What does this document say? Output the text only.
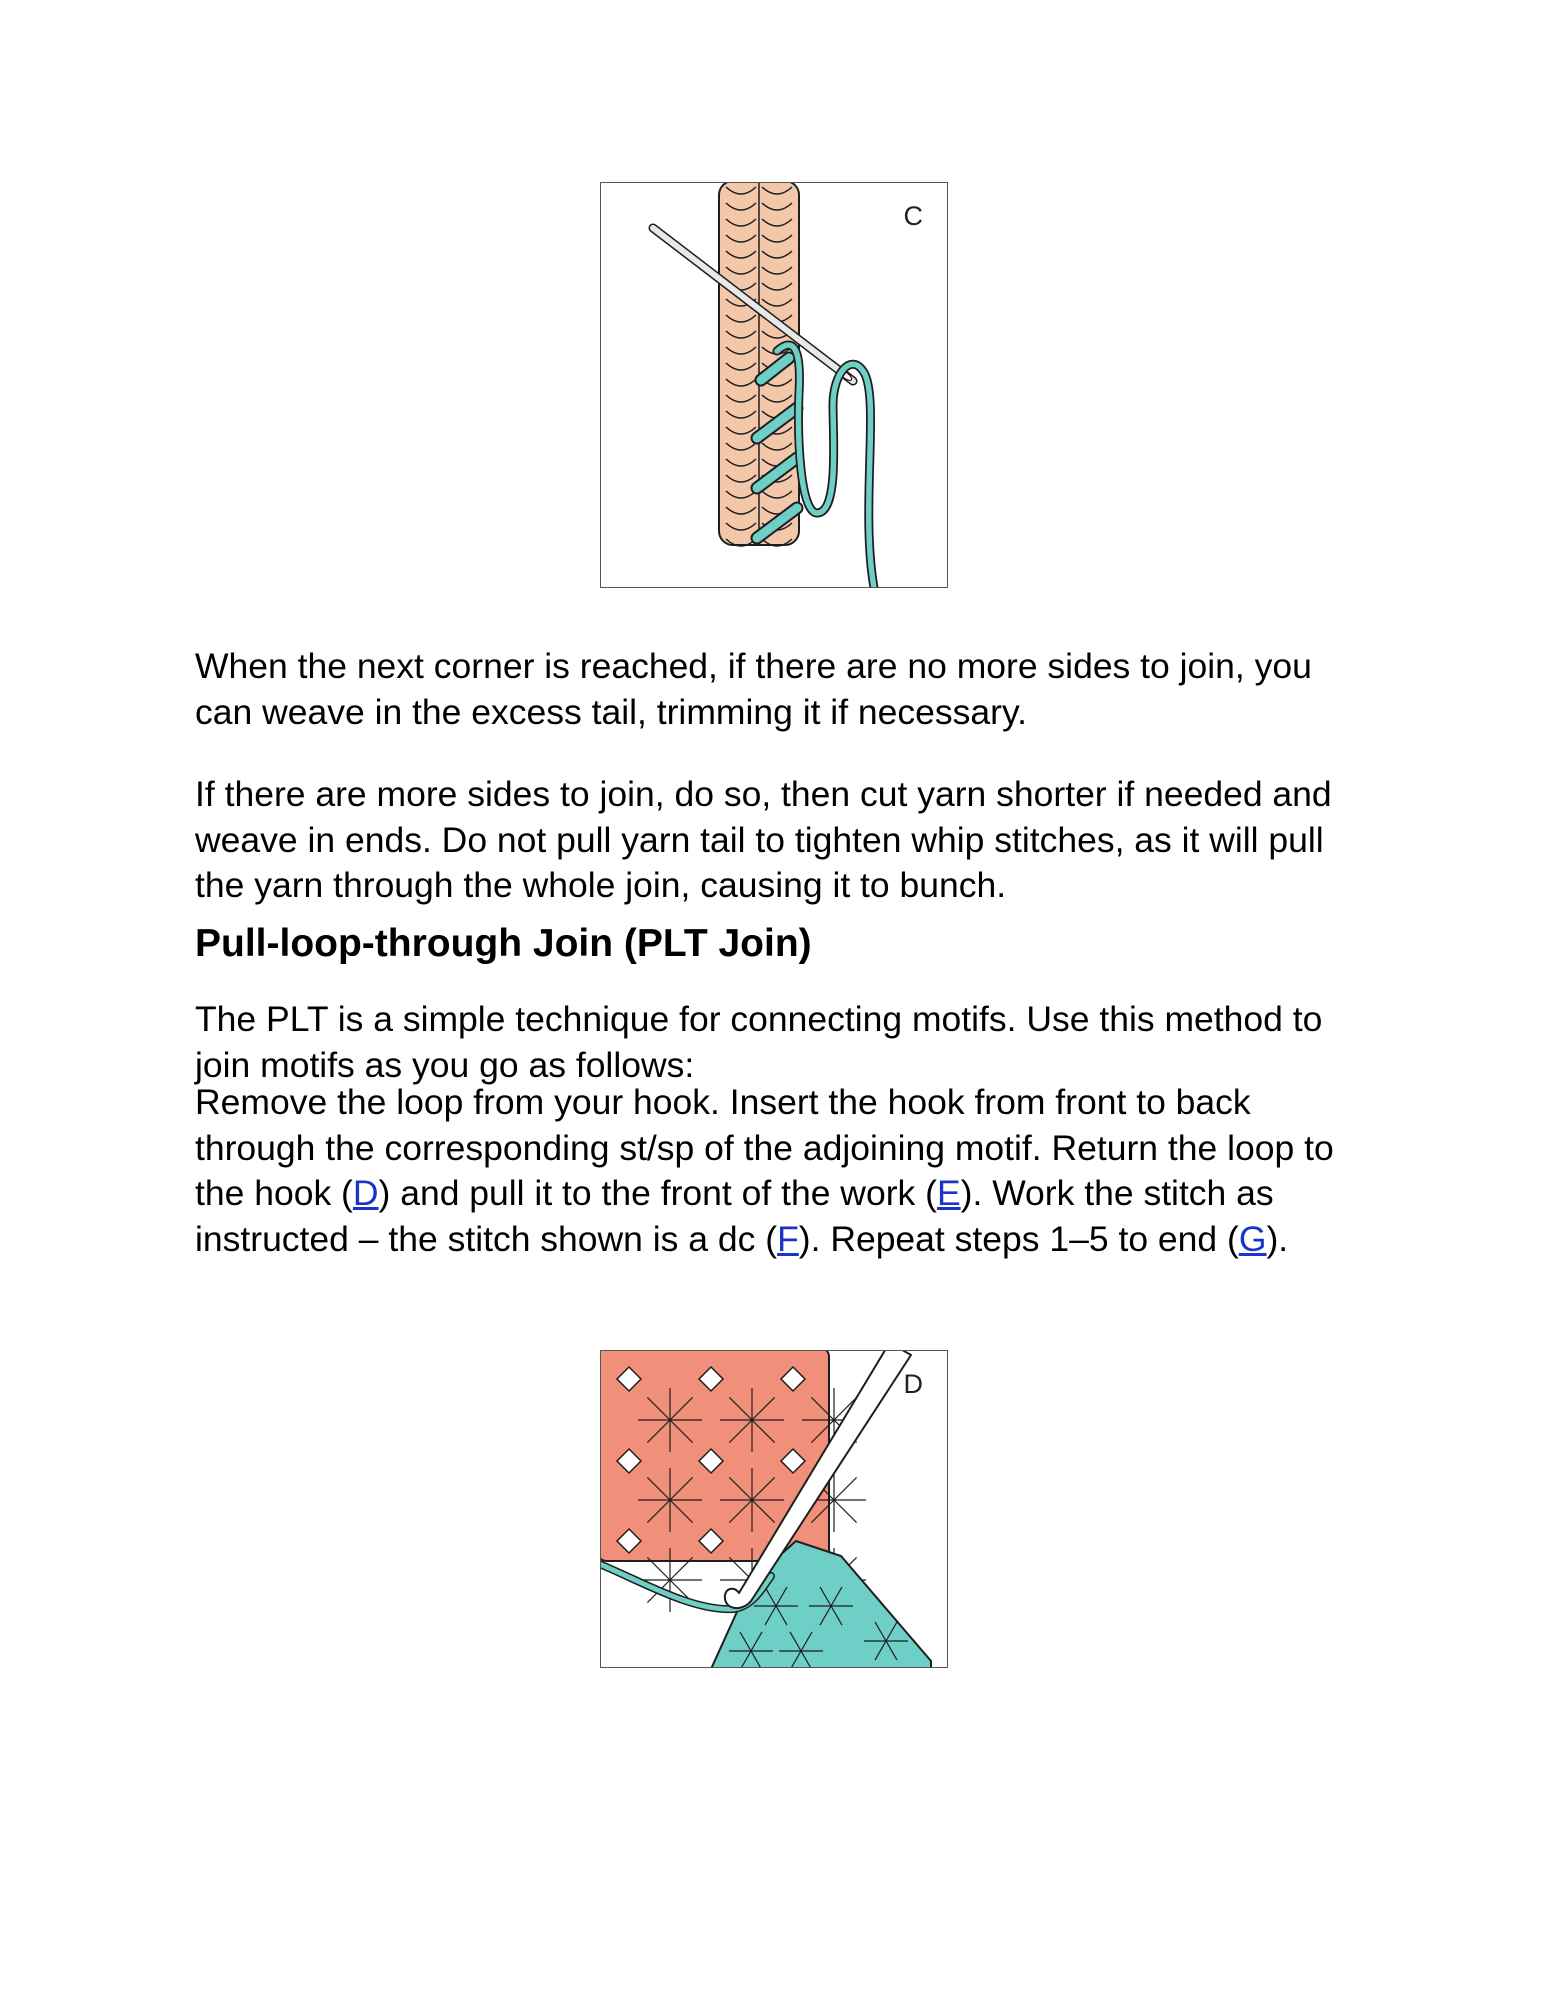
C

When the next corner is reached, if there are no more sides to join, you can weave in the excess tail, trimming it if necessary.

If there are more sides to join, do so, then cut yarn shorter if needed and weave in ends. Do not pull yarn tail to tighten whip stitches, as it will pull the yarn through the whole join, causing it to bunch.

Pull-loop-through Join (PLT Join)

The PLT is a simple technique for connecting motifs. Use this method to join motifs as you go as follows:

Remove the loop from your hook. Insert the hook from front to back through the corresponding st/sp of the adjoining motif. Return the loop to the hook (D) and pull it to the front of the work (E). Work the stitch as instructed – the stitch shown is a dc (F). Repeat steps 1–5 to end (G).

D
